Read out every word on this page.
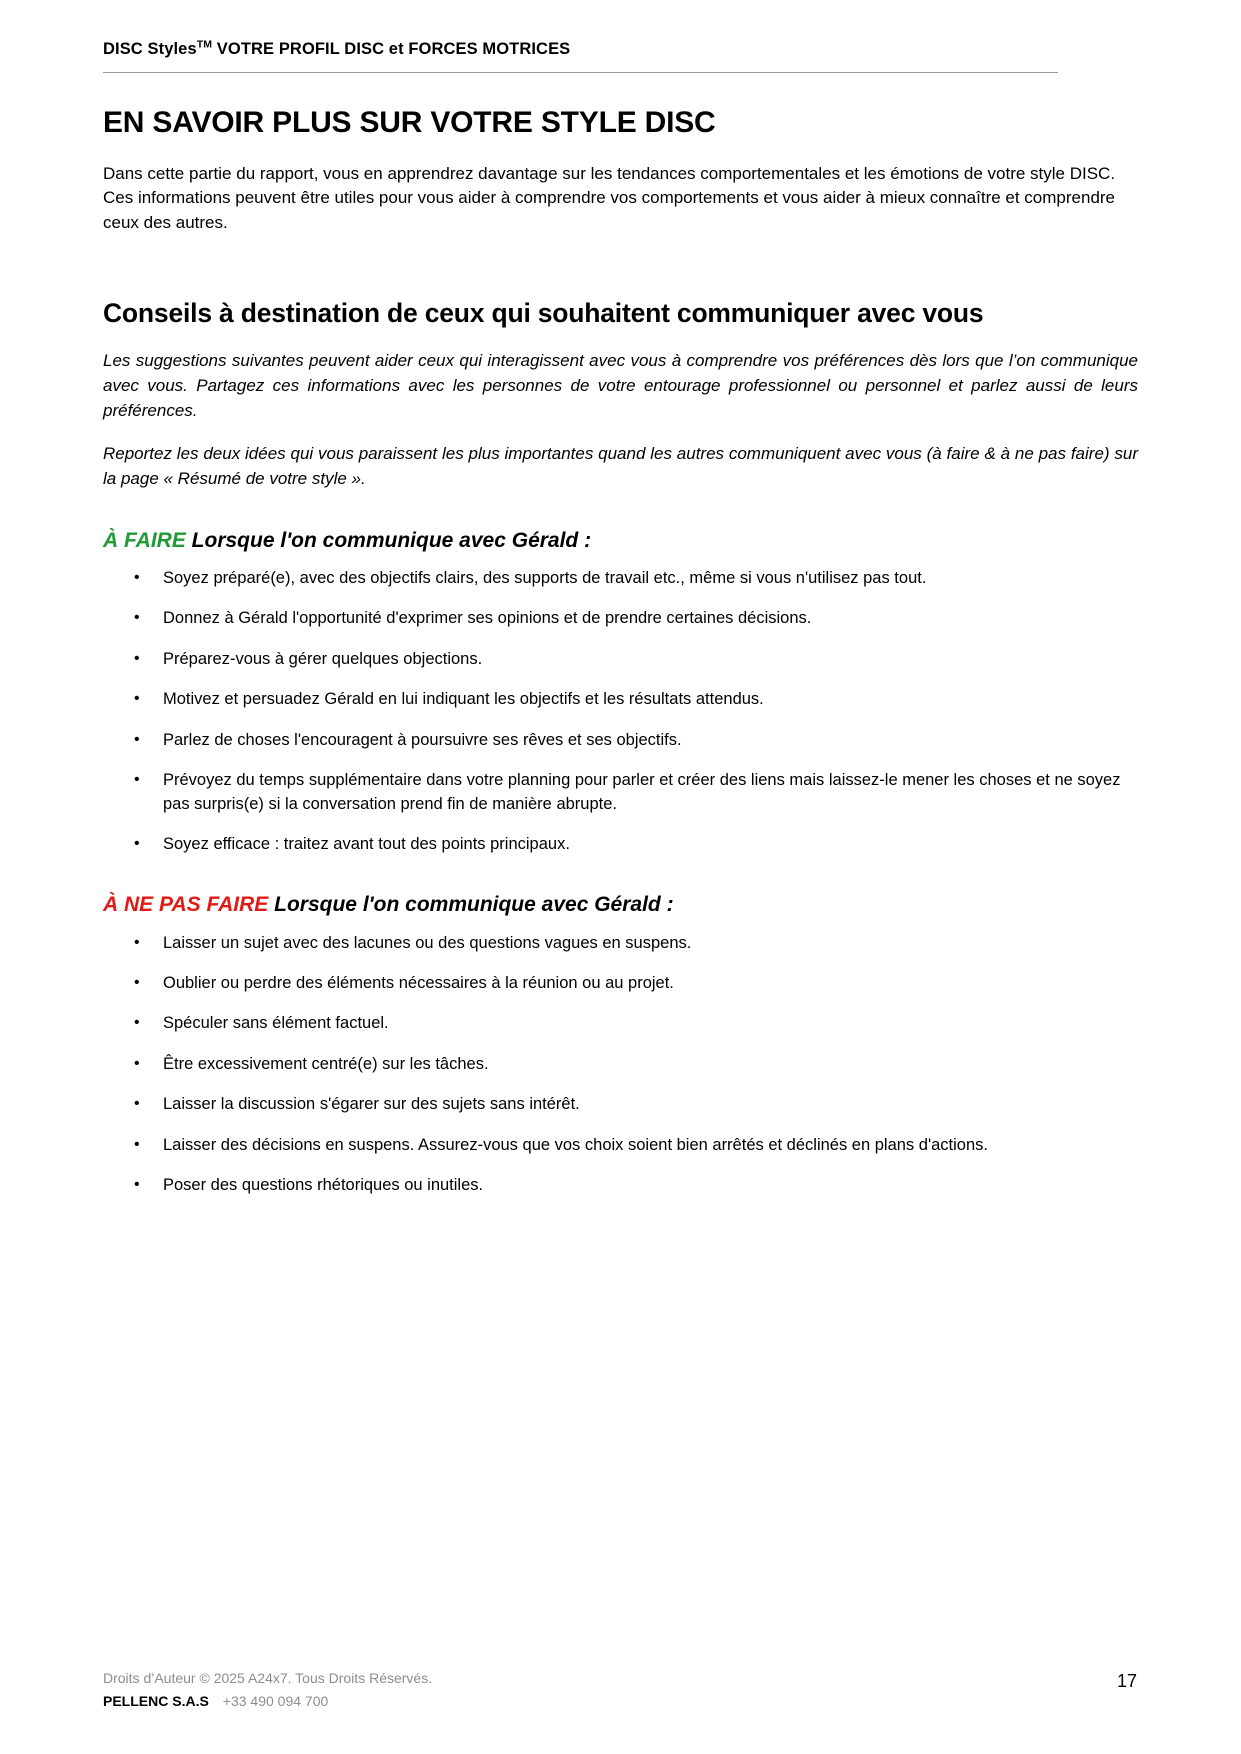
DISC Styles™ VOTRE PROFIL DISC et FORCES MOTRICES
EN SAVOIR PLUS SUR VOTRE STYLE DISC

Dans cette partie du rapport, vous en apprendrez davantage sur les tendances comportementales et les émotions de votre style DISC. Ces informations peuvent être utiles pour vous aider à comprendre vos comportements et vous aider à mieux connaître et comprendre ceux des autres.

Conseils à destination de ceux qui souhaitent communiquer avec vous

Les suggestions suivantes peuvent aider ceux qui interagissent avec vous à comprendre vos préférences dès lors que l’on communique avec vous. Partagez ces informations avec les personnes de votre entourage professionnel ou personnel et parlez aussi de leurs préférences.

Reportez les deux idées qui vous paraissent les plus importantes quand les autres communiquent avec vous (à faire & à ne pas faire) sur la page « Résumé de votre style ».

À FAIRE Lorsque l'on communique avec Gérald :
• Soyez préparé(e), avec des objectifs clairs, des supports de travail etc., même si vous n'utilisez pas tout.
• Donnez à Gérald l'opportunité d'exprimer ses opinions et de prendre certaines décisions.
• Préparez-vous à gérer quelques objections.
• Motivez et persuadez Gérald en lui indiquant les objectifs et les résultats attendus.
• Parlez de choses l'encouragent à poursuivre ses rêves et ses objectifs.
• Prévoyez du temps supplémentaire dans votre planning pour parler et créer des liens mais laissez-le mener les choses et ne soyez pas surpris(e) si la conversation prend fin de manière abrupte.
• Soyez efficace : traitez avant tout des points principaux.
À NE PAS FAIRE Lorsque l'on communique avec Gérald :
• Laisser un sujet avec des lacunes ou des questions vagues en suspens.
• Oublier ou perdre des éléments nécessaires à la réunion ou au projet.
• Spéculer sans élément factuel.
• Être excessivement centré(e) sur les tâches.
• Laisser la discussion s'égarer sur des sujets sans intérêt.
• Laisser des décisions en suspens. Assurez-vous que vos choix soient bien arrêtés et déclinés en plans d'actions.
• Poser des questions rhétoriques ou inutiles.
Droits d’Auteur © 2025 A24x7. Tous Droits Réservés.
PELLENC S.A.S +33 490 094 700
17
